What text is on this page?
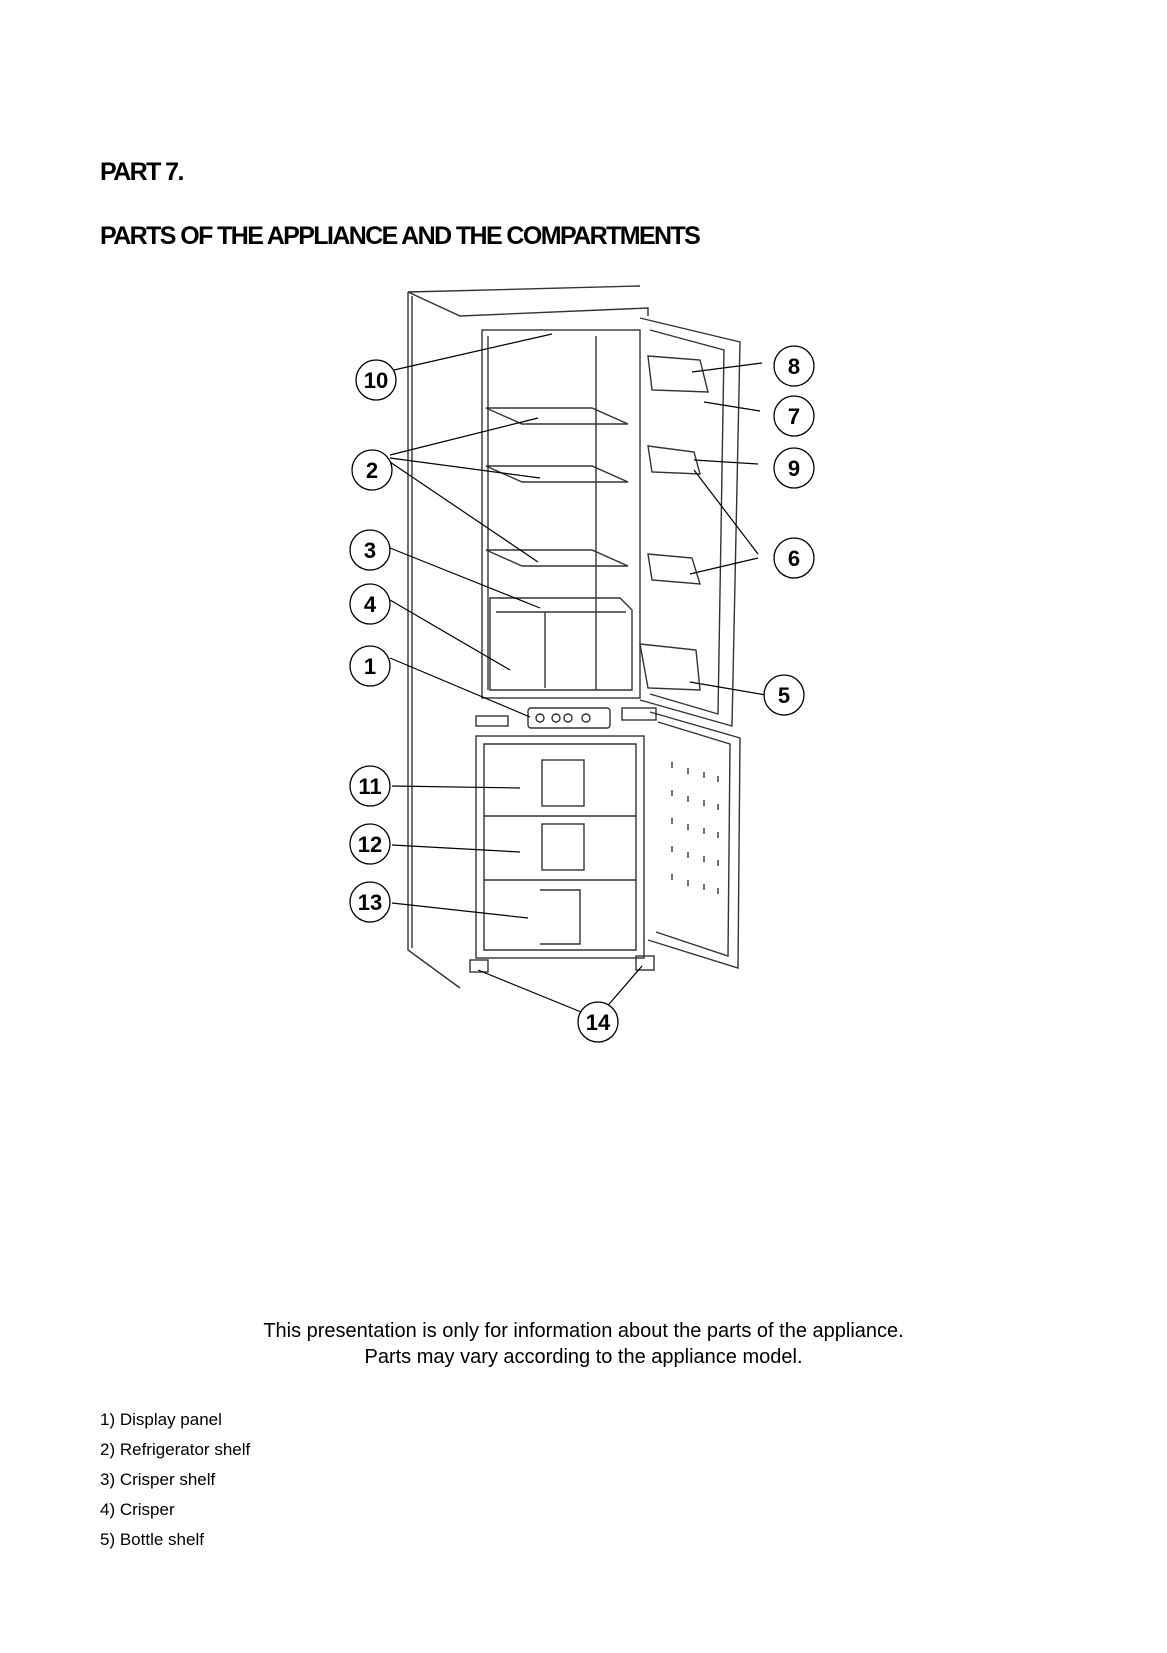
PART 7.
PARTS OF THE APPLIANCE AND THE COMPARTMENTS
10
2
3
4
1
8
7
9
6
5
11
12
13
14
This presentation is only for information about the parts of the appliance.
Parts may vary according to the appliance model.
1) Display panel
2) Refrigerator shelf
3) Crisper shelf
4) Crisper
5) Bottle shelf
